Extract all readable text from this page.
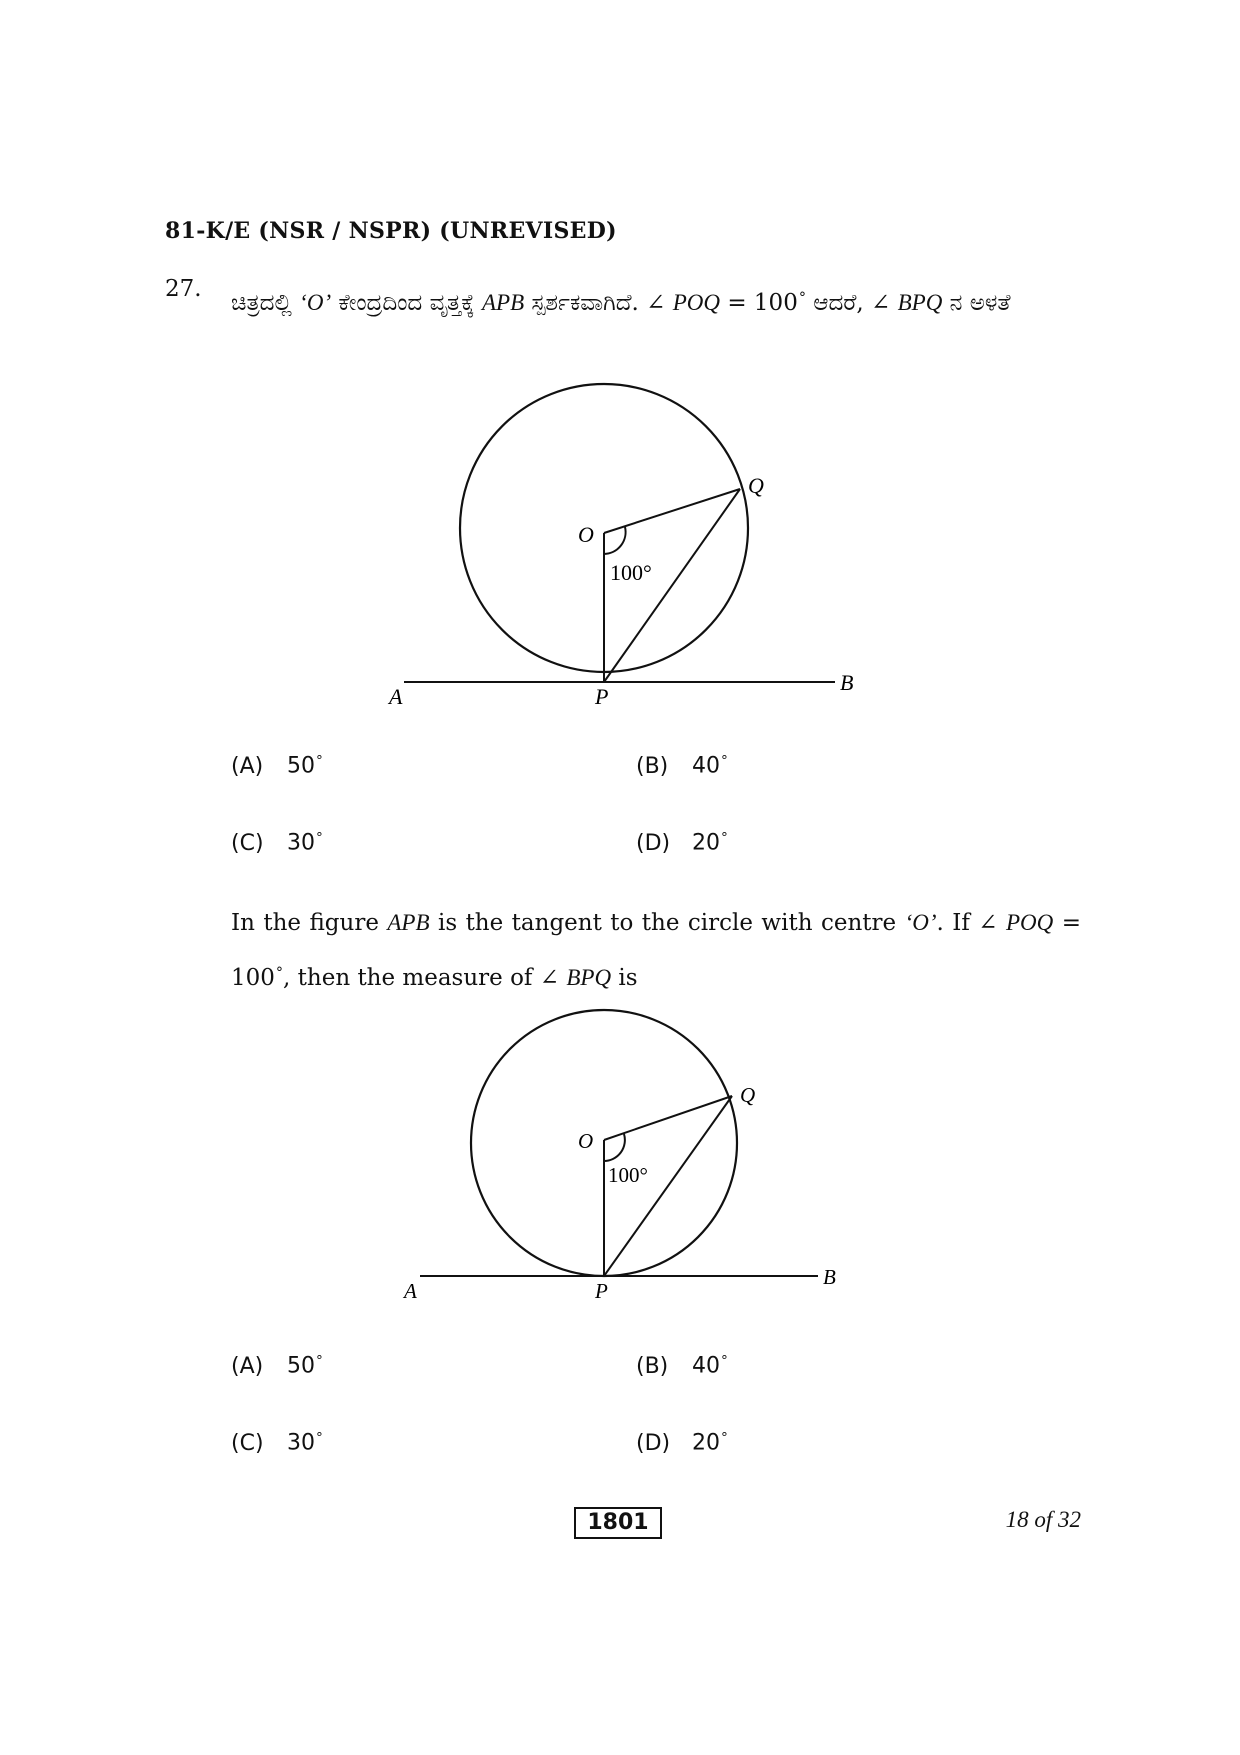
81-K/E (NSR / NSPR) (UNREVISED)
27.
ಚಿತ್ರದಲ್ಲಿ ‘O’ ಕೇಂದ್ರದಿಂದ ವೃತ್ತಕ್ಕೆ APB ಸ್ಪರ್ಶಕವಾಗಿದೆ. ∠ POQ = 100° ಆದರೆ, ∠ BPQ ನ ಅಳತೆ
O
Q
100°
A	P
B
(A) 50°	(B) 40°
(C) 30°	(D) 20°
In the figure APB is the tangent to the circle with centre ‘O’. If ∠ POQ = 100°, then the measure of ∠ BPQ is
O
Q
100°
A	P
B
(A) 50°	(B) 40°
(C) 30°	(D) 20°
1801	18 of 32
